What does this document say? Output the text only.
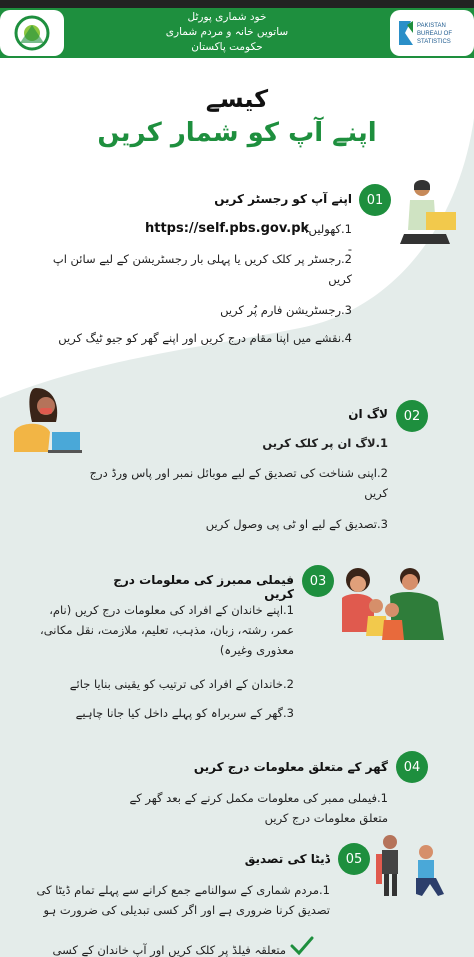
PAKISTAN
BUREAU OF
STATISTICS
خود شماری پورٹل
ساتویں خانہ و مردم شماری
حکومت پاکستان
کیسے
اپنے آپ کو شمار کریں
01
اپنے آپ کو رجسٹر کریں
https://self.pbs.gov.pk
1.کھولیں: -
2.رجسٹر پر کلک کریں یا پہلی بار رجسٹریشن کے لیے سائن اپ کریں
3.رجسٹریشن فارم پُر کریں
4.نقشے میں اپنا مقام درج کریں اور اپنے گھر کو جیو ٹیگ کریں
02
لاگ ان
1.لاگ ان پر کلک کریں
2.اپنی شناخت کی تصدیق کے لیے موبائل نمبر اور پاس ورڈ درج کریں
3.تصدیق کے لیے او ٹی پی وصول کریں
03
فیملی ممبرز کی معلومات درج کریں
1.اپنے خاندان کے افراد کی معلومات درج کریں (نام، عمر، رشتہ، زبان، مذہب، تعلیم، ملازمت، نقل مکانی، معذوری وغیرہ)
2.خاندان کے افراد کی ترتیب کو یقینی بنایا جائے
3.گھر کے سربراہ کو پہلے داخل کیا جانا چاہیے
04
گھر کے متعلق معلومات درج کریں
1.فیملی ممبر کی معلومات مکمل کرنے کے بعد گھر کے متعلق معلومات درج کریں
05
ڈیٹا کی تصدیق
1.مردم شماری کے سوالنامے جمع کرانے سے پہلے تمام ڈیٹا کی تصدیق کرنا ضروری ہے اور اگر کسی تبدیلی کی ضرورت ہو
متعلقہ فیلڈ پر کلک کریں اور آپ خاندان کے کسی
